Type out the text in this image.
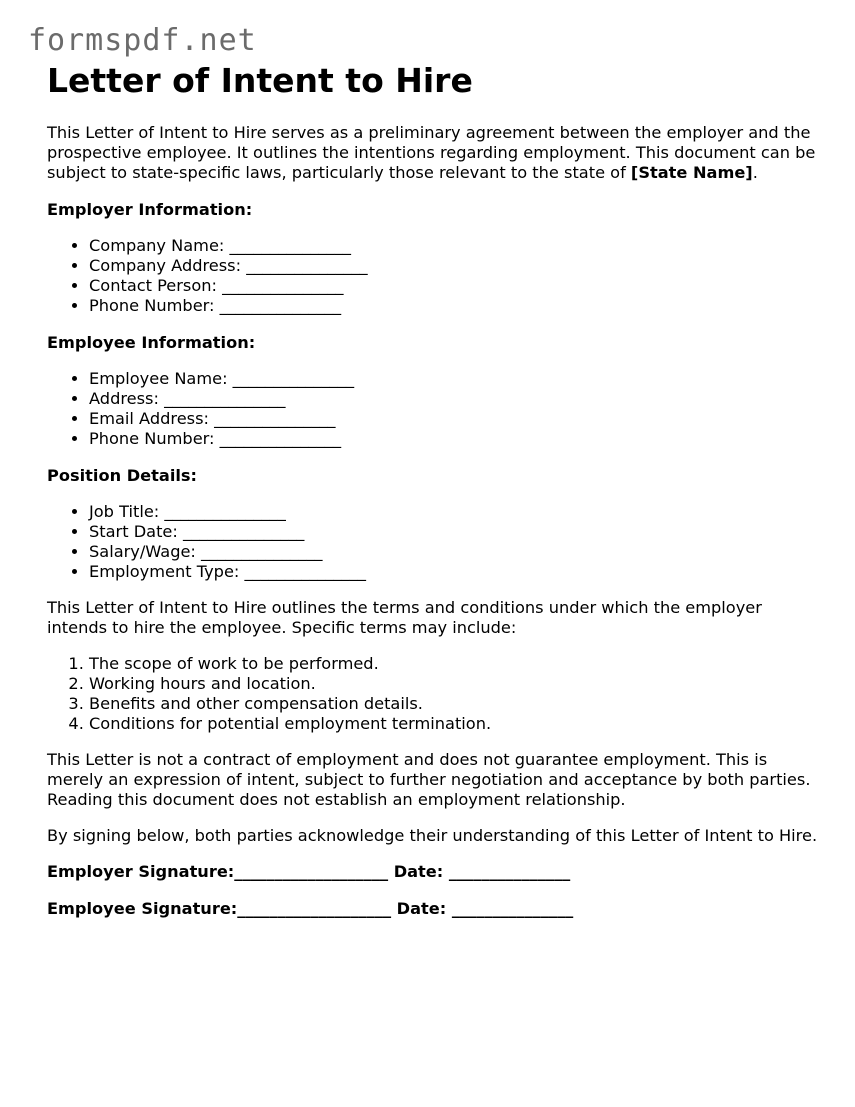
formspdf.net
Letter of Intent to Hire

This Letter of Intent to Hire serves as a preliminary agreement between the employer and the prospective employee. It outlines the intentions regarding employment. This document can be subject to state-specific laws, particularly those relevant to the state of [State Name].

Employer Information:
• Company Name: _______________
• Company Address: _______________
• Contact Person: _______________
• Phone Number: _______________
Employee Information:
• Employee Name: _______________
• Address: _______________
• Email Address: _______________
• Phone Number: _______________
Position Details:
• Job Title: _______________
• Start Date: _______________
• Salary/Wage: _______________
• Employment Type: _______________

This Letter of Intent to Hire outlines the terms and conditions under which the employer intends to hire the employee. Specific terms may include:

1. The scope of work to be performed.
2. Working hours and location.
3. Benefits and other compensation details.
4. Conditions for potential employment termination.

This Letter is not a contract of employment and does not guarantee employment. This is merely an expression of intent, subject to further negotiation and acceptance by both parties. Reading this document does not establish an employment relationship.

By signing below, both parties acknowledge their understanding of this Letter of Intent to Hire.

Employer Signature:___________________ Date: _______________
Employee Signature:___________________ Date: _______________
